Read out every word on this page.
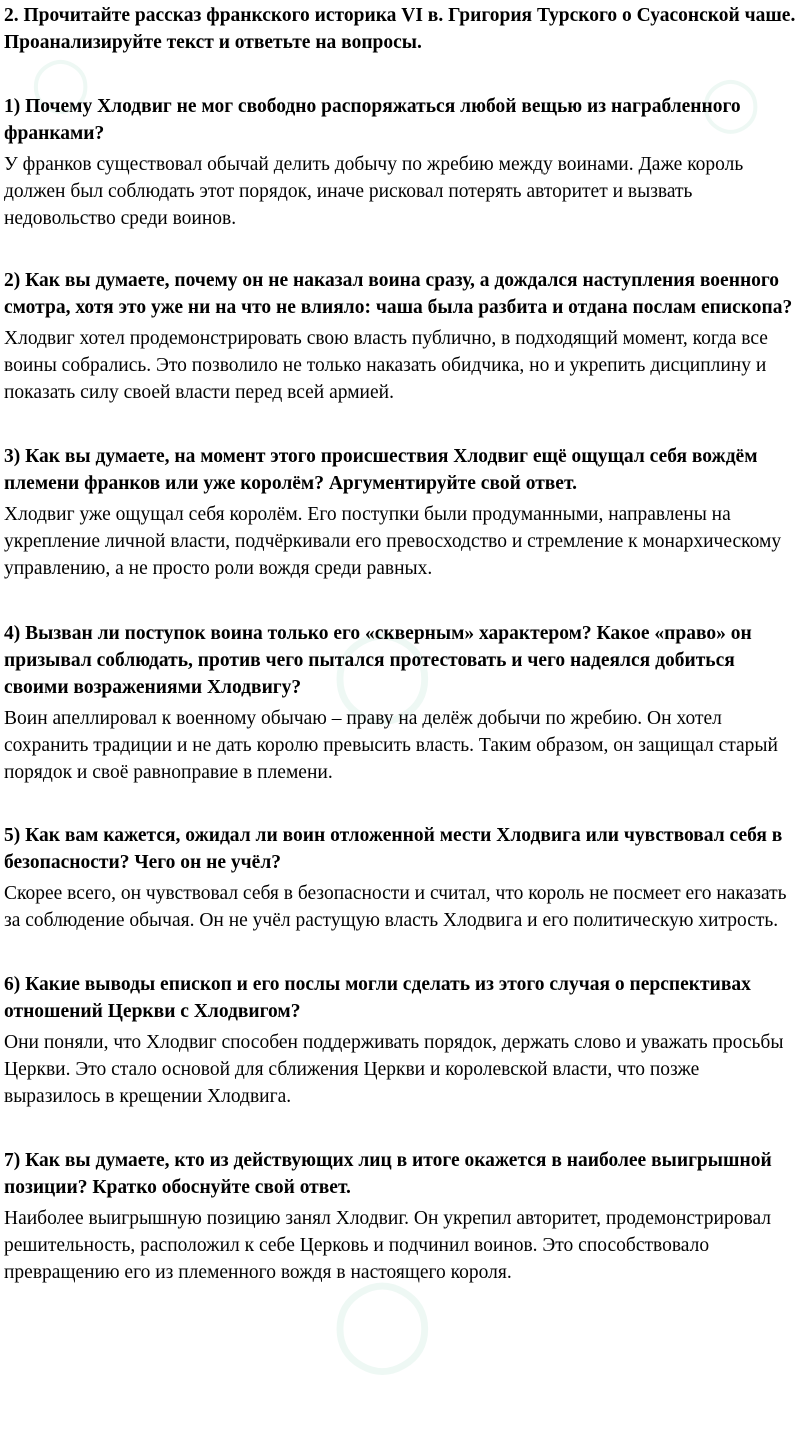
○	○
○
○

2. Прочитайте рассказ франкского историка VI в. Григория Турского о Суасонской чаше. Проанализируйте текст и ответьте на вопросы.

1) Почему Хлодвиг не мог свободно распоряжаться любой вещью из награбленного франками?

У франков существовал обычай делить добычу по жребию между воинами. Даже король должен был соблюдать этот порядок, иначе рисковал потерять авторитет и вызвать недовольство среди воинов.

2) Как вы думаете, почему он не наказал воина сразу, а дождался наступления военного смотра, хотя это уже ни на что не влияло: чаша была разбита и отдана послам епископа?

Хлодвиг хотел продемонстрировать свою власть публично, в подходящий момент, когда все воины собрались. Это позволило не только наказать обидчика, но и укрепить дисциплину и показать силу своей власти перед всей армией.

3) Как вы думаете, на момент этого происшествия Хлодвиг ещё ощущал себя вождём племени франков или уже королём? Аргументируйте свой ответ.

Хлодвиг уже ощущал себя королём. Его поступки были продуманными, направлены на укрепление личной власти, подчёркивали его превосходство и стремление к монархическому управлению, а не просто роли вождя среди равных.

4) Вызван ли поступок воина только его «скверным» характером? Какое «право» он призывал соблюдать, против чего пытался протестовать и чего надеялся добиться своими возражениями Хлодвигу?

Воин апеллировал к военному обычаю – праву на делёж добычи по жребию. Он хотел сохранить традиции и не дать королю превысить власть. Таким образом, он защищал старый порядок и своё равноправие в племени.

5) Как вам кажется, ожидал ли воин отложенной мести Хлодвига или чувствовал себя в безопасности? Чего он не учёл?

Скорее всего, он чувствовал себя в безопасности и считал, что король не посмеет его наказать за соблюдение обычая. Он не учёл растущую власть Хлодвига и его политическую хитрость.

6) Какие выводы епископ и его послы могли сделать из этого случая о перспективах отношений Церкви с Хлодвигом?

Они поняли, что Хлодвиг способен поддерживать порядок, держать слово и уважать просьбы Церкви. Это стало основой для сближения Церкви и королевской власти, что позже выразилось в крещении Хлодвига.

7) Как вы думаете, кто из действующих лиц в итоге окажется в наиболее выигрышной позиции? Кратко обоснуйте свой ответ.

Наиболее выигрышную позицию занял Хлодвиг. Он укрепил авторитет, продемонстрировал решительность, расположил к себе Церковь и подчинил воинов. Это способствовало превращению его из племенного вождя в настоящего короля.
